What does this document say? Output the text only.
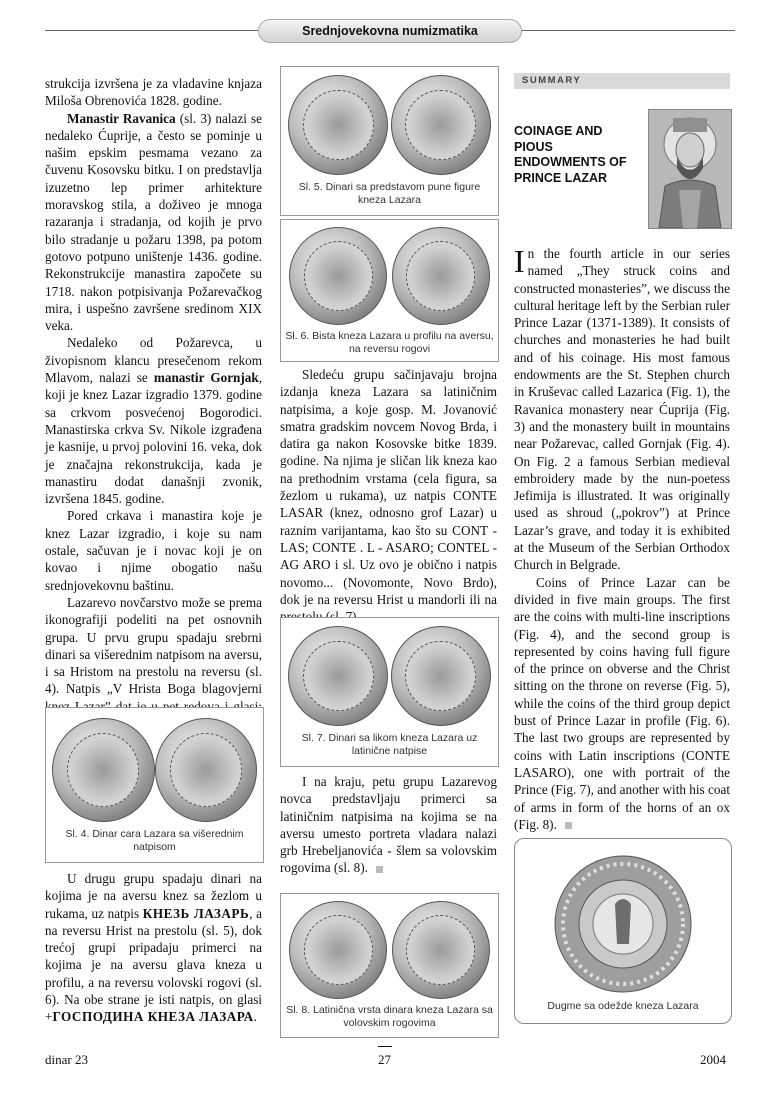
Srednjovekovna numizmatika

strukcija izvršena je za vladavine knjaza Miloša Obrenovića 1828. godine.

Manastir Ravanica (sl. 3) nalazi se nedaleko Ćuprije, a često se pominje u našim epskim pesmama vezano za čuvenu Kosovsku bitku. I on predstavlja izuzetno lep primer arhitekture moravskog stila, a doživeo je mnoga razaranja i stradanja, od kojih je prvo bilo stradanje u požaru 1398, pa potom gotovo potpuno uništenje 1436. godine. Rekonstrukcije manastira započete su 1718. nakon potpisivanja Požarevačkog mira, i uspešno završene sredinom XIX veka.

Nedaleko od Požarevca, u živopisnom klancu presečenom rekom Mlavom, nalazi se manastir Gornjak, koji je knez Lazar izgradio 1379. godine sa crkvom posvećenoj Bogorodici. Manastirska crkva Sv. Nikole izgrađena je kasnije, u prvoj polovini 16. veka, dok je značajna rekonstrukcija, kada je manastiru dodat današnji zvonik, izvršena 1845. godine.

Pored crkava i manastira koje je knez Lazar izgradio, i koje su nam ostale, sačuvan je i novac koji je on kovao i njime obogatio našu srednjovekovnu baštinu.

Lazarevo novčarstvo može se prema ikonografiji podeliti na pet osnovnih grupa. U prvu grupu spadaju srebrni dinari sa višerednim natpisom na aversu, i sa Hristom na prestolu na reversu (sl. 4). Natpis „V Hrista Boga blagovjerni

Sl. 4. Dinar cara Lazara sa višerednim natpisom

U drugu grupu spadaju dinari na kojima je na aversu knez sa žezlom u rukama, uz natpis КНЕЗЬ ЛАЗАРЬ, a na reversu Hrist na prestolu (sl. 5), dok trećoj grupi pripadaju primerci na kojima je na aversu glava kneza u profilu, a na reversu volovski rogovi (sl. 6). Na obe strane je isti natpis, on glasi +ГОСПОДИНА КНЕЗА ЛАЗАРА.

Sl. 5. Dinari sa predstavom pune figure kneza Lazara
Sl. 6. Bista kneza Lazara u profilu na aversu, na reversu rogovi

Sledeću grupu sačinjavaju brojna izdanja kneza Lazara sa latiničnim natpisima, a koje gosp. M. Jovanović smatra gradskim novcem Novog Brda, i datira ga nakon Kosovske bitke 1839. godine. Na njima je sličan lik kneza kao na prethodnim vrstama (cela figura, sa žezlom u rukama), uz natpis CONTE LASAR (knez, odnosno grof Lazar) u raznim varijantama, kao što su CONT - LAS; CONTE . L - ASARO; CONTEL - AG ARO i sl. Uz ovo je obično i natpis novomo... (Novomonte, Novo Brdo), dok je na reversu Hrist u mandorli ili na

Sl. 7. Dinari sa likom kneza Lazara uz latinične natpise

I na kraju, petu grupu Lazarevog novca predstavljaju primerci sa latiničnim natpisima na kojima se na aversu umesto portreta vladara nalazi grb Hrebeljanovića - šlem sa volovskim rogovima (sl. 8).

Sl. 8. Latinična vrsta dinara kneza Lazara sa volovskim rogovima
SUMMARY
COINAGE AND PIOUS ENDOWMENTS OF PRINCE LAZAR

In the fourth article in our series named „They struck coins and constructed monasteries”, we discuss the cultural heritage left by the Serbian ruler Prince Lazar (1371-1389). It consists of churches and monasteries he had built and of his coinage. His most famous endowments are the St. Stephen church in Kruševac called Lazarica (Fig. 1), the Ravanica monastery near Ćuprija (Fig. 3) and the monastery built in mountains near Požarevac, called Gornjak (Fig. 4). On Fig. 2 a famous Serbian medieval embroidery made by the nun-poetess Jefimija is illustrated. It was originally used as shroud („pokrov”) at Prince Lazar’s grave, and today it is exhibited at the Museum of the Serbian Orthodox Church in Belgrade.

Coins of Prince Lazar can be divided in five main groups. The first are the coins with multi-line inscriptions (Fig. 4), and the second group is represented by coins having full figure of the prince on obverse and the Christ sitting on the throne on reverse (Fig. 5), while the coins of the third group depict bust of Prince Lazar in profile (Fig. 6). The last two groups are represented by coins with Latin inscriptions (CONTE LASARO), one with portrait of the Prince (Fig. 7), and another with his coat of arms in form of the horns of an ox (Fig. 8).

Dugme sa odežde kneza Lazara
dinar 23	27	2004
